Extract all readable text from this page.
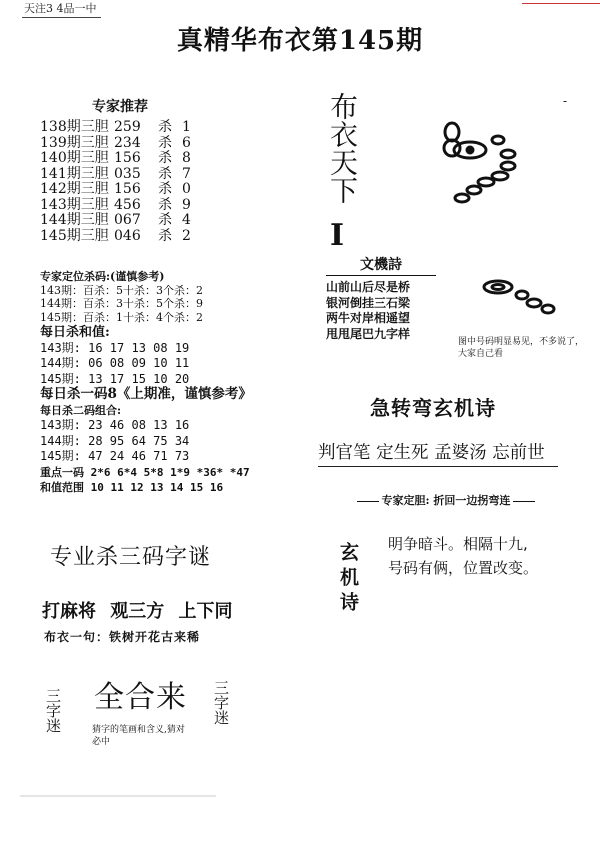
天注3 4品一中
真精华布衣第145期
专家推荐
138期三胆 259 杀 1
139期三胆 234 杀 6
140期三胆 156 杀 8
141期三胆 035 杀 7
142期三胆 156 杀 0
143期三胆 456 杀 9
144期三胆 067 杀 4
145期三胆 046 杀 2
专家定位杀码:(谨慎参考)
143期：百杀：5十杀：3个杀：2
144期：百杀：3十杀：5个杀：9
145期：百杀：1十杀：4个杀：2
每日杀和值:
143期: 16 17 13 08 19
144期: 06 08 09 10 11
145期: 13 17 15 10 20
每日杀一码8《上期准，谨慎参考》
每日杀二码组合:
143期: 23 46 08 13 16
144期: 28 95 64 75 34
145期: 47 24 46 71 73
重点一码 2*6 6*4 5*8 1*9 *36* *47
和值范围 10 11 12 13 14 15 16
专业杀三码字谜
打麻将 观三方 上下同
布衣一句：铁树开花古来稀
三字迷 全合来 三字迷
猜字的笔画和含义,猜对必中
布衣天下
I
-
文機詩
山前山后尽是桥
银河倒挂三石梁
两牛对岸相遥望
甩甩尾巴九字样
图中号码明显易见，不多说了，大家自己看
急转弯玄机诗
判官笔 定生死 孟婆汤 忘前世
专家定胆: 折回一边拐弯连
玄机诗 明争暗斗。相隔十九,
号码有俩，位置改变。
